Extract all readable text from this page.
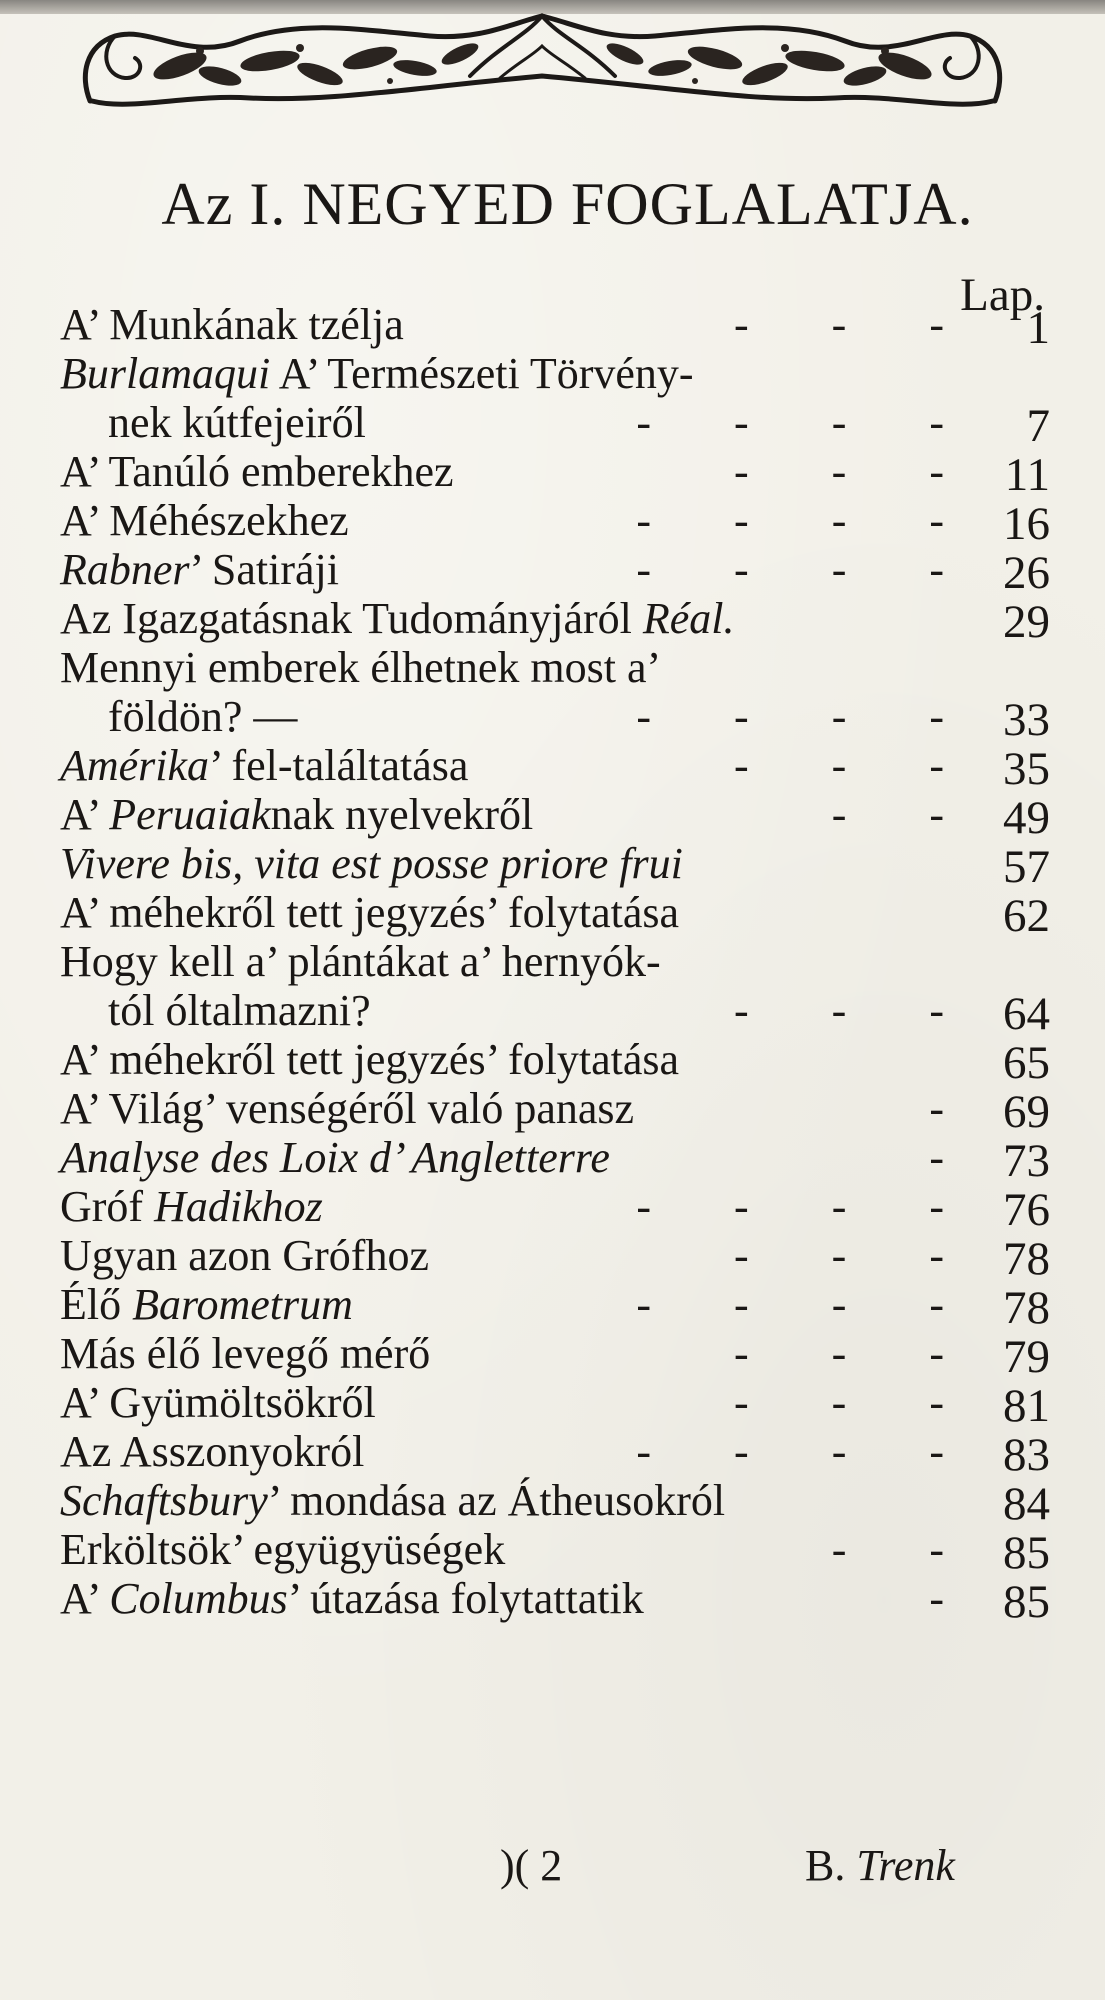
Az I. NEGYED FOGLALATJA.
Lap.
A’ Munkának tzélja	- - - 1
Burlamaqui A’ Természeti Törvény-
nek kútfejeiről	- - - - 7
A’ Tanúló emberekhez	- - - 11
A’ Méhészekhez	- - - - 16
Rabner’ Satiráji	- - - - 26
Az Igazgatásnak Tudományjáról Réal.	29
Mennyi emberek élhetnek most a’
földön? —	- - - - 33
Amérika’ fel-találtatása	- - - 35
A’ Peruaiaknak nyelvekről	- - 49
Vivere bis, vita est posse priore frui	57
A’ méhekről tett jegyzés’ folytatása	62
Hogy kell a’ plántákat a’ hernyók-
tól óltalmazni?	- - - 64
A’ méhekről tett jegyzés’ folytatása	65
A’ Világ’ venségéről való panasz	- 69
Analyse des Loix d’ Angletterre	- 73
Gróf Hadikhoz	- - - - 76
Ugyan azon Grófhoz	- - - 78
Élő Barometrum	- - - - 78
Más élő levegő mérő	- - - 79
A’ Gyümöltsökről	- - - 81
Az Asszonyokról	- - - - 83
Schaftsbury’ mondása az Átheusokról	84
Erköltsök’ együgyüségek	- - 85
A’ Columbus’ útazása folytattatik	- 85
)( 2	B. Trenk
